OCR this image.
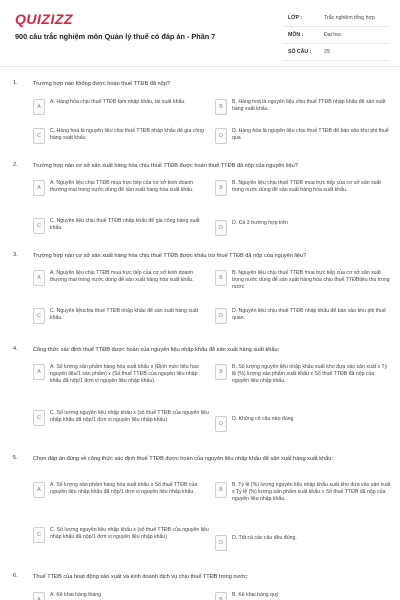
QUIZIZZ
900 câu trắc nghiệm môn Quản lý thuế có đáp án - Phần 7
LỚP :	Trắc nghiệm tổng hợp
MÔN :	Đại học
SỐ CÂU : 29
1.	Trường hợp nào không được hoàn thuế TTĐB đã nộp?
A
A. Hàng hóa chịu thuế TTĐB tạm nhập khẩu, tái xuất khẩu.
B
B. Hàng hoá là nguyên liệu chịu thuế TTĐB nhập khẩu để sản xuất hàng xuất khẩu.
C
C. Hàng hoá là nguyên liệu chịu thuế TTĐB nhập khẩu để gia công hàng xuất khẩu	D
D. Hàng hóa là nguyên liệu chịu thuế TTĐB để bán vào khu phi thuế qua
2.	Trường hợp nào cơ sở sản xuất hàng hóa chịu thuế TTĐB được hoàn thuế TTĐB đã nộp của nguyên liệu?
A
A. Nguyên liệu chịu TTĐB mua trực tiếp của cơ sở kinh doanh thương mại trong nước dùng để sản xuất hàng hóa xuất khẩu.	B
B. Nguyên liệu chịu thuế TTĐB mua trực tiếp của cơ sở sản xuất trong nước dùng để sản xuất hàng hóa xuất khẩu.
C
C. Nguyên liệu chịu thuế TTĐB nhập khẩu để gia công hàng xuất khẩu.	D
D. Cả 3 trường hợp trên
3.	Trường hợp nào cơ sở sản xuất hàng hóa chịu thuế TTĐB được khấu trừ thuế TTĐB đã nộp của nguyên liệu?
A
A. Nguyên liệu chịu TTĐB mua trực tiếp của cơ sở kinh doanh thương mại trong nước dùng để sản xuất hàng hóa xuất khẩu.	B
B. Nguyên liệu chịu thuế TTĐB mua trực tiếp của cơ sở sản xuất trong nước dùng để sản xuất hàng hóa chịu thuế TTĐBtiêu thụ trong nước
C
C. Nguyên liệuchịu thuế TTĐB nhập khẩu để sản xuất hàng xuất khẩu.	D
D. Nguyên liệu chịu thuế TTĐB nhập khẩu để bán vào khu phi thuế quan.
4.	Công thức xác định thuế TTĐB được hoàn của nguyên liệu nhập khẩu để sản xuất hàng xuất khẩu:
A
A. Số lượng sản phẩm hàng hóa xuất khẩu x (Định mức tiêu hao nguyên liệu/1 sản phẩm) x (Số thuế TTĐB của nguyên liệu nhập khẩu đã nộp/1 đơn vị nguyên liệu nhập khẩu).
B
B. Số lượng nguyên liệu nhập khẩu xuất kho đưa vào sản xuất x Tỷ lệ (%) lượng sản phẩm xuất khẩu x Số thuế TTĐB đã nộp của nguyên liệu nhập khẩu.
C
C. Số lượng nguyên liệu nhập khẩu x (số thuế TTĐB của nguyên liệu nhập khẩu đã nộp/1 đơn vị nguyên liệu nhập khẩu)
D
D. Không có câu nào đúng
5.	Chọn đáp án đúng về công thức xác định thuế TTĐB được hoàn của nguyên liệu nhập khẩu để sản xuất hàng xuất khẩu:
A
A. Số lượng sản phẩm hàng hóa xuất khẩu x Số thuế TTĐB của nguyên liệu nhập khẩu đã nộp/1 đơn vị nguyên liệu nhập khẩu.	B
B. Tỷ lệ (%) lượng nguyên liệu nhập khẩu xuất kho đưa vào sản xuất x Tỷ lệ (%) lượng sản phẩm xuất khẩu x Số thuế TTĐB đã nộp của nguyên liệu nhập khẩu.
C
C. Số lượng nguyên liệu nhập khẩu x (số thuế TTĐB của nguyên liệu nhập khẩu đã nộp/1 đơn vị nguyên liệu nhập khẩu)
D
D. Tất cả các câu đều đúng.
6.	Thuế TTĐB của hoạt động sản xuất và kinh doanh dịch vụ chịu thuế TTĐB trong nước:
A
A. Kê khai hàng tháng
B
B. Kê khai hàng quý
